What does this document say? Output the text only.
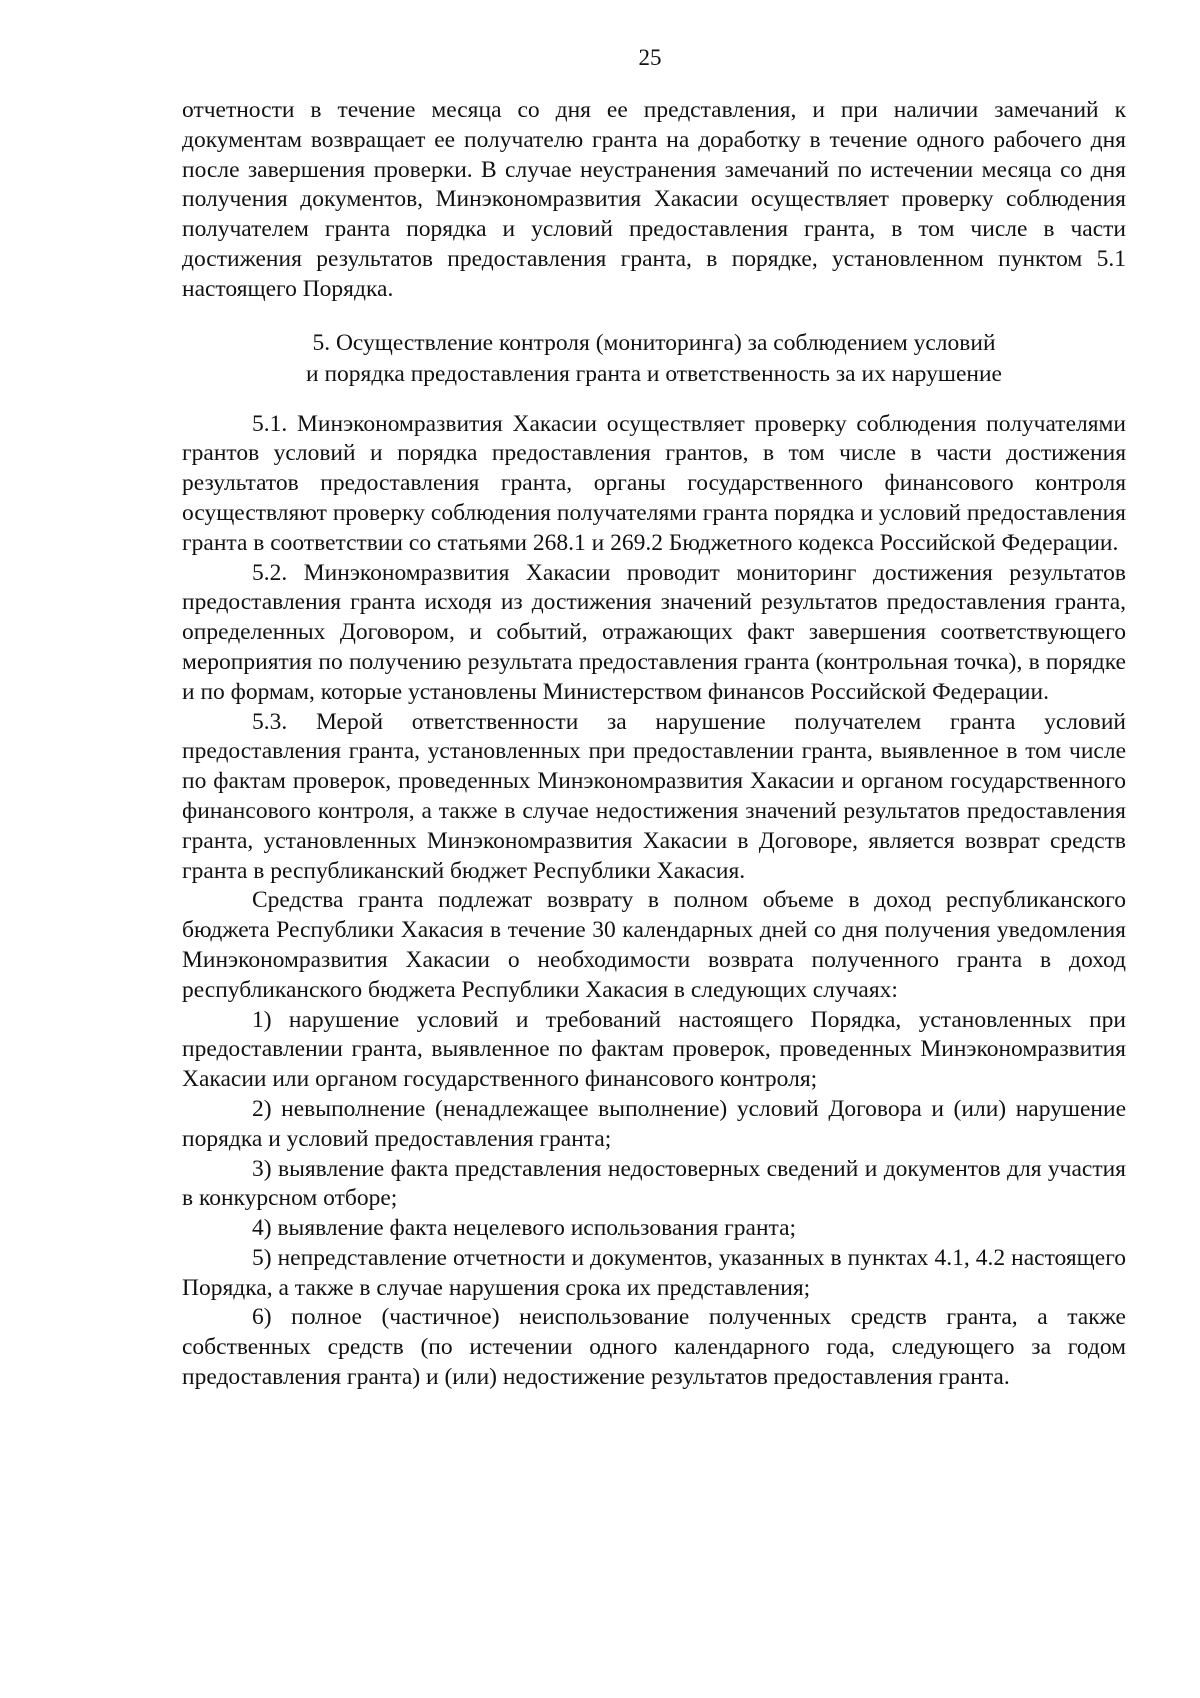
25

отчетности в течение месяца со дня ее представления, и при наличии замечаний к документам возвращает ее получателю гранта на доработку в течение одного рабочего дня после завершения проверки. В случае неустранения замечаний по истечении месяца со дня получения документов, Минэкономразвития Хакасии осуществляет проверку соблюдения получателем гранта порядка и условий предоставления гранта, в том числе в части достижения результатов предоставления гранта, в порядке, установленном пунктом 5.1 настоящего Порядка.

5. Осуществление контроля (мониторинга) за соблюдением условий
и порядка предоставления гранта и ответственность за их нарушение

5.1. Минэкономразвития Хакасии осуществляет проверку соблюдения получателями грантов условий и порядка предоставления грантов, в том числе в части достижения результатов предоставления гранта, органы государственного финансового контроля осуществляют проверку соблюдения получателями гранта порядка и условий предоставления гранта в соответствии со статьями 268.1 и 269.2 Бюджетного кодекса Российской Федерации.

5.2. Минэкономразвития Хакасии проводит мониторинг достижения результатов предоставления гранта исходя из достижения значений результатов предоставления гранта, определенных Договором, и событий, отражающих факт завершения соответствующего мероприятия по получению результата предоставления гранта (контрольная точка), в порядке и по формам, которые установлены Министерством финансов Российской Федерации.

5.3. Мерой ответственности за нарушение получателем гранта условий предоставления гранта, установленных при предоставлении гранта, выявленное в том числе по фактам проверок, проведенных Минэкономразвития Хакасии и органом государственного финансового контроля, а также в случае недостижения значений результатов предоставления гранта, установленных Минэкономразвития Хакасии в Договоре, является возврат средств гранта в республиканский бюджет Республики Хакасия.

Средства гранта подлежат возврату в полном объеме в доход республиканского бюджета Республики Хакасия в течение 30 календарных дней со дня получения уведомления Минэкономразвития Хакасии о необходимости возврата полученного гранта в доход республиканского бюджета Республики Хакасия в следующих случаях:

1) нарушение условий и требований настоящего Порядка, установленных при предоставлении гранта, выявленное по фактам проверок, проведенных Минэкономразвития Хакасии или органом государственного финансового контроля;

2) невыполнение (ненадлежащее выполнение) условий Договора и (или) нарушение порядка и условий предоставления гранта;

3) выявление факта представления недостоверных сведений и документов для участия в конкурсном отборе;

4) выявление факта нецелевого использования гранта;

5) непредставление отчетности и документов, указанных в пунктах 4.1, 4.2 настоящего Порядка, а также в случае нарушения срока их представления;

6) полное (частичное) неиспользование полученных средств гранта, а также собственных средств (по истечении одного календарного года, следующего за годом предоставления гранта) и (или) недостижение результатов предоставления гранта.
